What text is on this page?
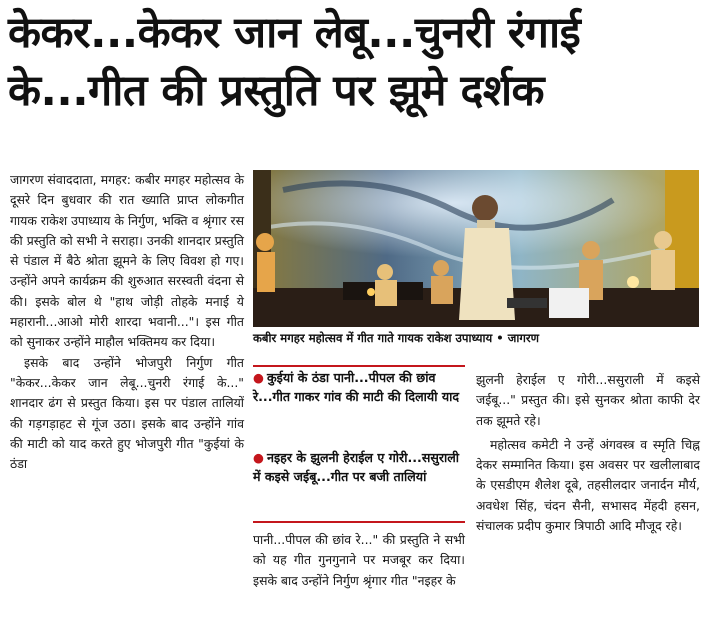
केकर...केकर जान लेबू...चुनरी रंगाई
के...गीत की प्रस्तुति पर झूमे दर्शक

जागरण संवाददाता, मगहर: कबीर मगहर महोत्सव के दूसरे दिन बुधवार की रात ख्याति प्राप्त लोकगीत गायक राकेश उपाध्याय के निर्गुण, भक्ति व श्रृंगार रस की प्रस्तुति को सभी ने सराहा। उनकी शानदार प्रस्तुति से पंडाल में बैठे श्रोता झूमने के लिए विवश हो गए। उन्होंने अपने कार्यक्रम की शुरुआत सरस्वती वंदना से की। इसके बोल थे "हाथ जोड़ी तोहके मनाई ये महारानी...आओ मोरी शारदा भवानी..."। इस गीत को सुनाकर उन्होंने माहौल भक्तिमय कर दिया।

इसके बाद उन्होंने भोजपुरी निर्गुण गीत "केकर...केकर जान लेबू...चुनरी रंगाई के..." शानदार ढंग से प्रस्तुत किया। इस पर पंडाल तालियों की गड़गड़ाहट से गूंज उठा। इसके बाद उन्होंने गांव की माटी को याद करते हुए भोजपुरी गीत "कुईयां के ठंडा

कबीर मगहर महोत्सव में गीत गाते गायक राकेश उपाध्याय • जागरण
● कुईयां के ठंडा पानी...पीपल की छांव रे...गीत गाकर गांव की माटी की दिलायी याद
● नइहर के झुलनी हेराईल ए गोरी...ससुराली में कइसे जईबू...गीत पर बजी तालियां

पानी...पीपल की छांव रे..." की प्रस्तुति ने सभी को यह गीत गुनगुनाने पर मजबूर कर दिया। इसके बाद उन्होंने निर्गुण श्रृंगार गीत "नइहर के

झुलनी हेराईल ए गोरी...ससुराली में कइसे जईबू..." प्रस्तुत की। इसे सुनकर श्रोता काफी देर तक झूमते रहे।

महोत्सव कमेटी ने उन्हें अंगवस्त्र व स्मृति चिह्न देकर सम्मानित किया। इस अवसर पर खलीलाबाद के एसडीएम शैलेश दूबे, तहसीलदार जनार्दन मौर्य, अवधेश सिंह, चंदन सैनी, सभासद मेंहदी हसन, संचालक प्रदीप कुमार त्रिपाठी आदि मौजूद रहे।
